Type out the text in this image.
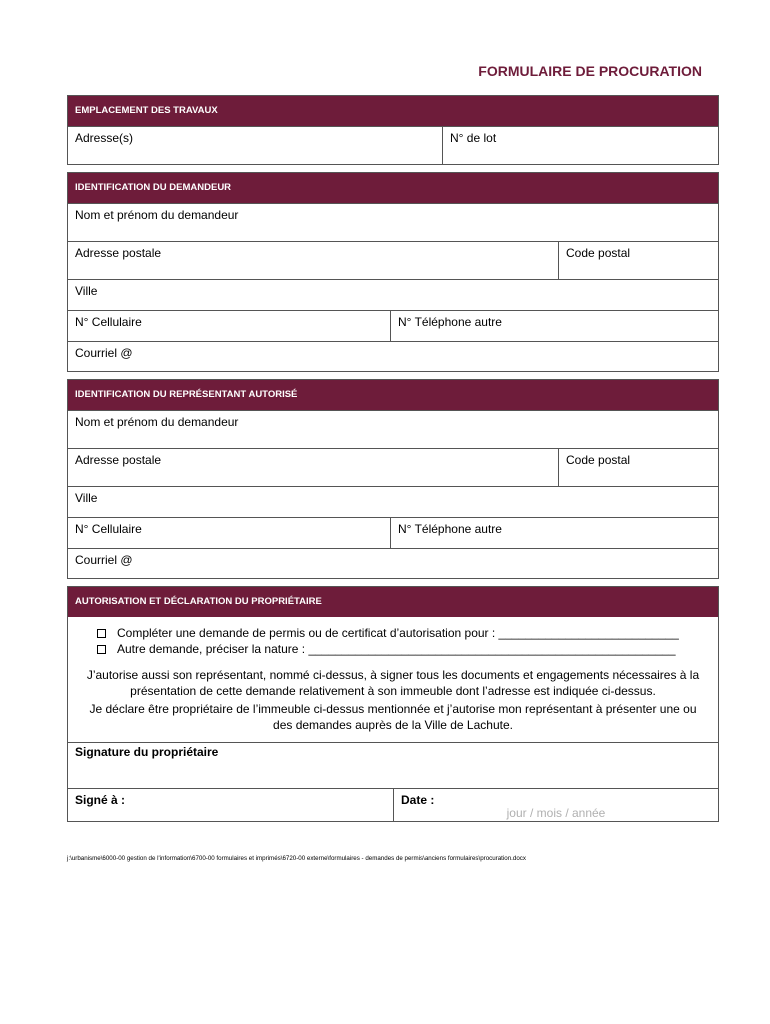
FORMULAIRE DE PROCURATION
EMPLACEMENT DES TRAVAUX
Adresse(s)	N° de lot
IDENTIFICATION DU DEMANDEUR
Nom et prénom du demandeur
Adresse postale	Code postal
Ville
N° Cellulaire	N° Téléphone autre
Courriel @
IDENTIFICATION DU REPRÉSENTANT AUTORISÉ
Nom et prénom du demandeur
Adresse postale	Code postal
Ville
N° Cellulaire	N° Téléphone autre
Courriel @
AUTORISATION ET DÉCLARATION DU PROPRIÉTAIRE
Compléter une demande de permis ou de certificat d’autorisation pour : ___________________________
Autre demande, préciser la nature : _______________________________________________________
J’autorise aussi son représentant, nommé ci-dessus, à signer tous les documents et engagements nécessaires à la présentation de cette demande relativement à son immeuble dont l’adresse est indiquée ci-dessus.
Je déclare être propriétaire de l’immeuble ci-dessus mentionnée et j’autorise mon représentant à présenter une ou des demandes auprès de la Ville de Lachute.
Signature du propriétaire
Signé à :	Date :
jour / mois / année
j:\urbanisme\6000-00 gestion de l'information\6700-00 formulaires et imprimés\6720-00 externe\formulaires - demandes de permis\anciens formulaires\procuration.docx
